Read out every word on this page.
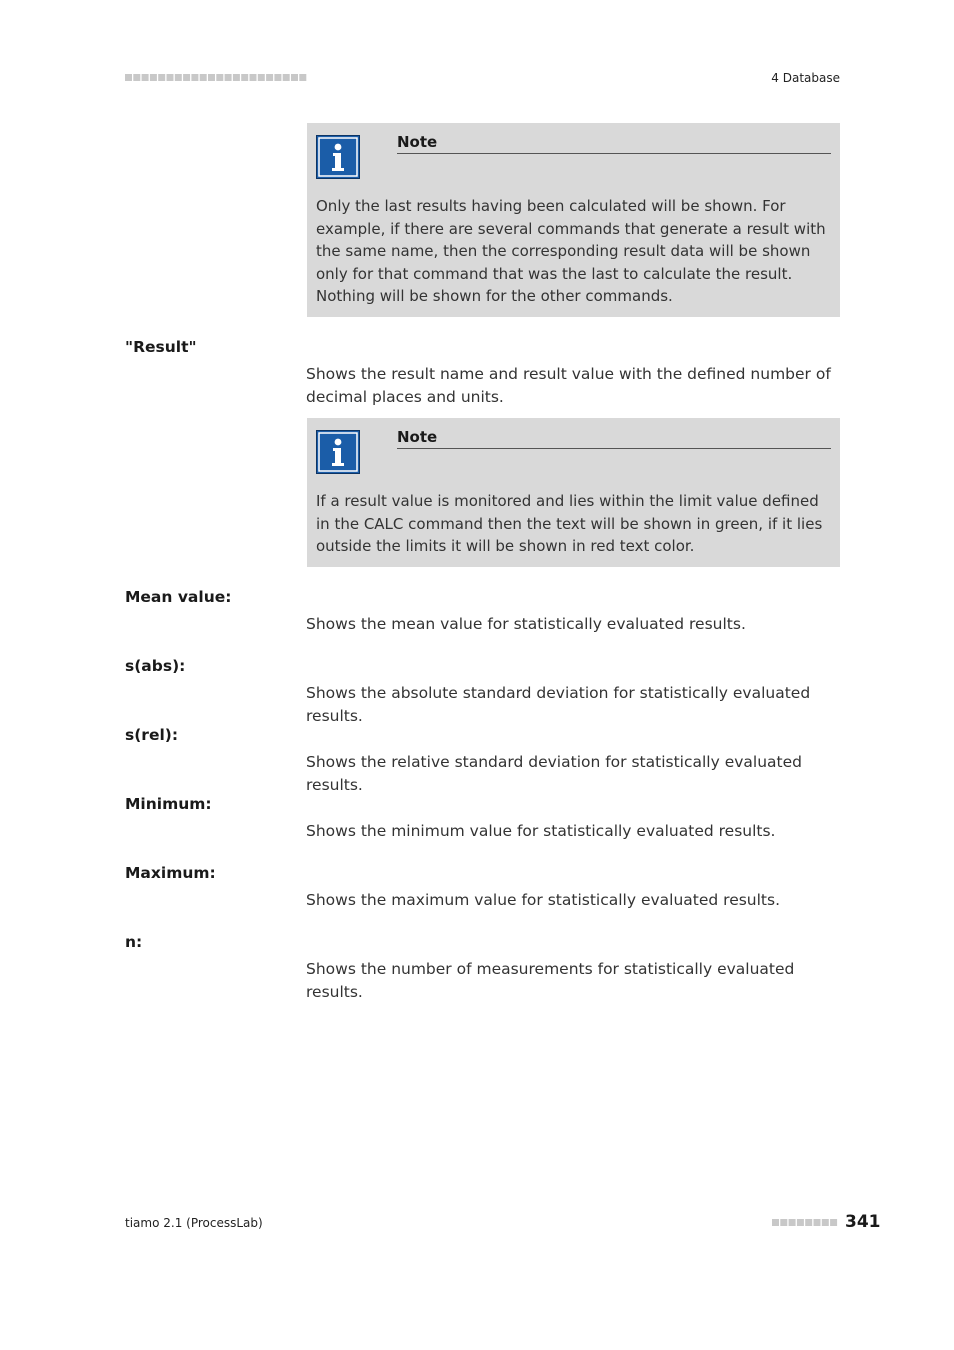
4 Database
Note
Only the last results having been calculated will be shown. For example, if there are several commands that generate a result with the same name, then the corresponding result data will be shown only for that command that was the last to calculate the result. Nothing will be shown for the other commands.
"Result"
Shows the result name and result value with the defined number of decimal places and units.
Note
If a result value is monitored and lies within the limit value defined in the CALC command then the text will be shown in green, if it lies outside the limits it will be shown in red text color.
Mean value:
Shows the mean value for statistically evaluated results.
s(abs):
Shows the absolute standard deviation for statistically evaluated results.
s(rel):
Shows the relative standard deviation for statistically evaluated results.
Minimum:
Shows the minimum value for statistically evaluated results.
Maximum:
Shows the maximum value for statistically evaluated results.
n:
Shows the number of measurements for statistically evaluated results.
tiamo 2.1 (ProcessLab)	341
